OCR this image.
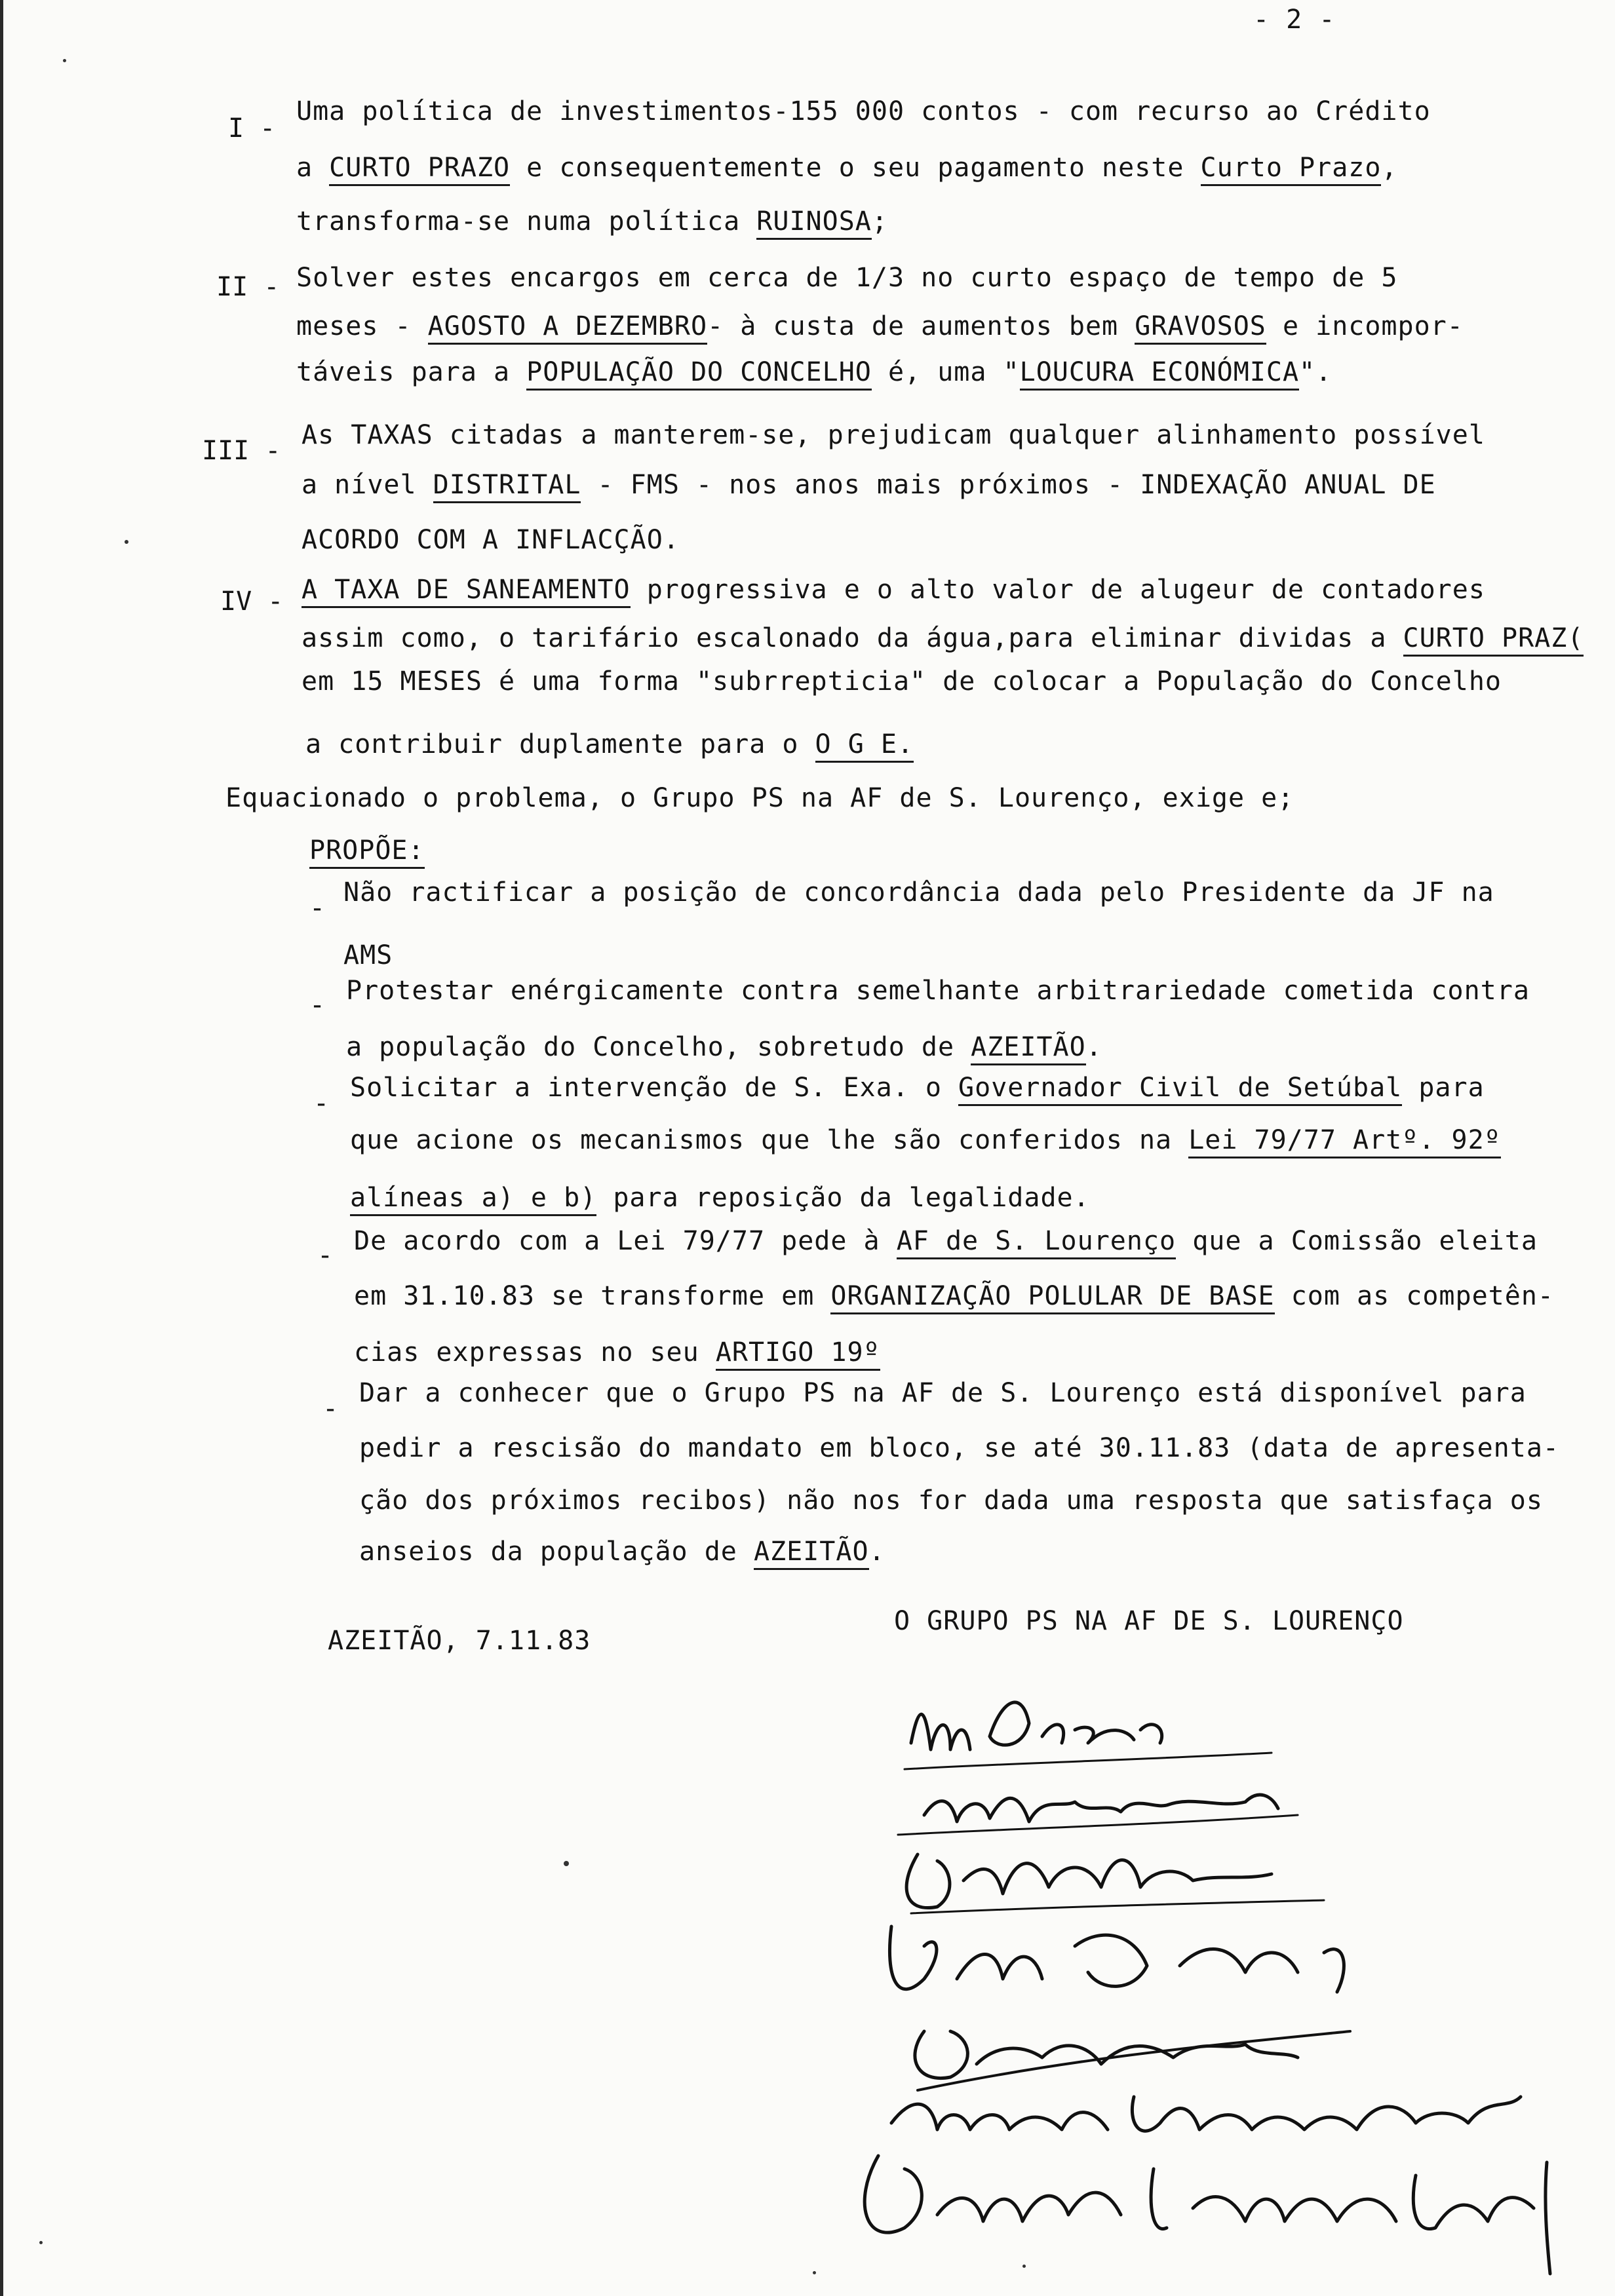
- 2 -
I -
Uma política de investimentos-155 000 contos - com recurso ao Crédito
a CURTO PRAZO e consequentemente o seu pagamento neste Curto Prazo,
transforma-se numa política RUINOSA;
II - Solver estes encargos em cerca de 1/3 no curto espaço de tempo de 5
meses - AGOSTO A DEZEMBRO- à custa de aumentos bem GRAVOSOS e incompor-
táveis para a POPULAÇÃO DO CONCELHO é, uma "LOUCURA ECONÓMICA".
III -
As TAXAS citadas a manterem-se, prejudicam qualquer alinhamento possível
a nível DISTRITAL - FMS - nos anos mais próximos - INDEXAÇÃO ANUAL DE
ACORDO COM A INFLACÇÃO.
IV - A TAXA DE SANEAMENTO progressiva e o alto valor de alugeur de contadores
assim como, o tarifário escalonado da água,para eliminar dividas a CURTO PRAZ(
em 15 MESES é uma forma "subrrepticia" de colocar a População do Concelho
a contribuir duplamente para o O G E.
Equacionado o problema, o Grupo PS na AF de S. Lourenço, exige e;
PROPÕE:
-
Não ractificar a posição de concordância dada pelo Presidente da JF na
AMS
- Protestar enérgicamente contra semelhante arbitrariedade cometida contra
a população do Concelho, sobretudo de AZEITÃO.
-
Solicitar a intervenção de S. Exa. o Governador Civil de Setúbal para
que acione os mecanismos que lhe são conferidos na Lei 79/77 Artº. 92º
alíneas a) e b) para reposição da legalidade.
- De acordo com a Lei 79/77 pede à AF de S. Lourenço que a Comissão eleita
em 31.10.83 se transforme em ORGANIZAÇÃO POLULAR DE BASE com as competên-
cias expressas no seu ARTIGO 19º
-
Dar a conhecer que o Grupo PS na AF de S. Lourenço está disponível para
pedir a rescisão do mandato em bloco, se até 30.11.83 (data de apresenta-
ção dos próximos recibos) não nos for dada uma resposta que satisfaça os
anseios da população de AZEITÃO.
AZEITÃO, 7.11.83
O GRUPO PS NA AF DE S. LOURENÇO
